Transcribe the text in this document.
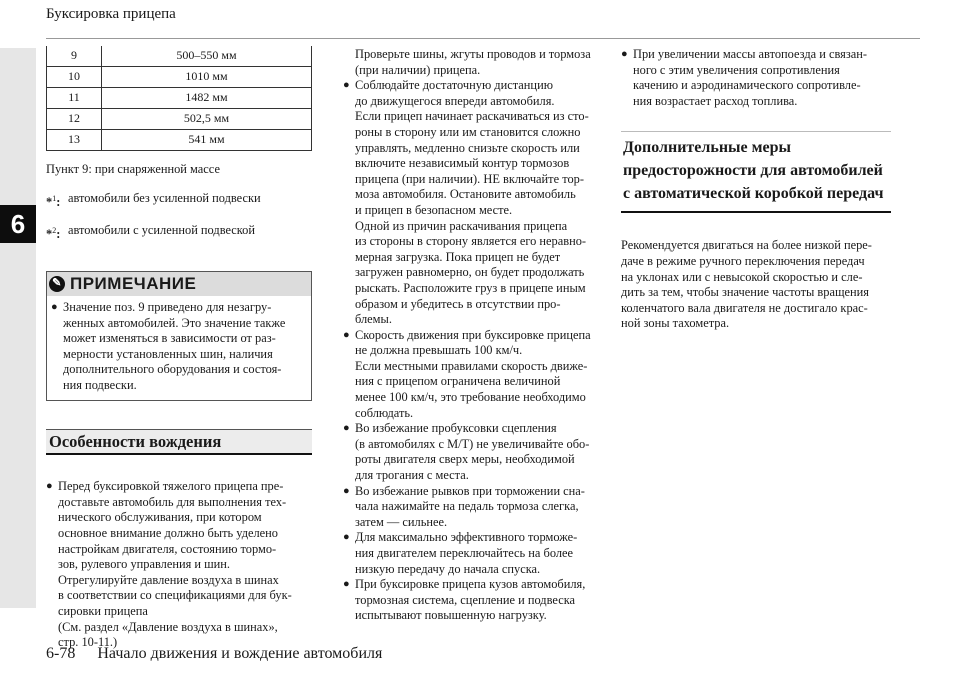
Буксировка прицепа
6
9	500–550 мм
10	1010 мм
11	1482 мм
12	502,5 мм
13	541 мм
Пункт 9: при снаряженной массе
*$^1$: автомобили без усиленной подвески
*$^2$: автомобили с усиленной подвеской
✎ ПРИМЕЧАНИЕ
● Значение поз. 9 приведено для незагру-
женных автомобилей. Это значение также
может изменяться в зависимости от раз-
мерности установленных шин, наличия
дополнительного оборудования и состоя-
ния подвески.
Особенности вождения
● Перед буксировкой тяжелого прицепа пре-
доставьте автомобиль для выполнения тех-
нического обслуживания, при котором
основное внимание должно быть уделено
настройкам двигателя, состоянию тормо-
зов, рулевого управления и шин.
Отрегулируйте давление воздуха в шинах
в соответствии со спецификациями для бук-
сировки прицепа
(См. раздел «Давление воздуха в шинах»,
стр. 10-11.)
Проверьте шины, жгуты проводов и тормоза
(при наличии) прицепа.
● Соблюдайте достаточную дистанцию
до движущегося впереди автомобиля.
Если прицеп начинает раскачиваться из сто-
роны в сторону или им становится сложно
управлять, медленно снизьте скорость или
включите независимый контур тормозов
прицепа (при наличии). НЕ включайте тор-
моза автомобиля. Остановите автомобиль
и прицеп в безопасном месте.
Одной из причин раскачивания прицепа
из стороны в сторону является его неравно-
мерная загрузка. Пока прицеп не будет
загружен равномерно, он будет продолжать
рыскать. Расположите груз в прицепе иным
образом и убедитесь в отсутствии про-
блемы.
● Скорость движения при буксировке прицепа
не должна превышать 100 км/ч.
Если местными правилами скорость движе-
ния с прицепом ограничена величиной
менее 100 км/ч, это требование необходимо
соблюдать.
● Во избежание пробуксовки сцепления
(в автомобилях с М/Т) не увеличивайте обо-
роты двигателя сверх меры, необходимой
для трогания с места.
● Во избежание рывков при торможении сна-
чала нажимайте на педаль тормоза слегка,
затем — сильнее.
● Для максимально эффективного торможе-
ния двигателем переключайтесь на более
низкую передачу до начала спуска.
● При буксировке прицепа кузов автомобиля,
тормозная система, сцепление и подвеска
испытывают повышенную нагрузку.
● При увеличении массы автопоезда и связан-
ного с этим увеличения сопротивления
качению и аэродинамического сопротивле-
ния возрастает расход топлива.
Дополнительные меры
предосторожности для автомобилей
с автоматической коробкой передач
Рекомендуется двигаться на более низкой пере-
даче в режиме ручного переключения передач
на уклонах или с невысокой скоростью и сле-
дить за тем, чтобы значение частоты вращения
коленчатого вала двигателя не достигало крас-
ной зоны тахометра.
6-78 Начало движения и вождение автомобиля
